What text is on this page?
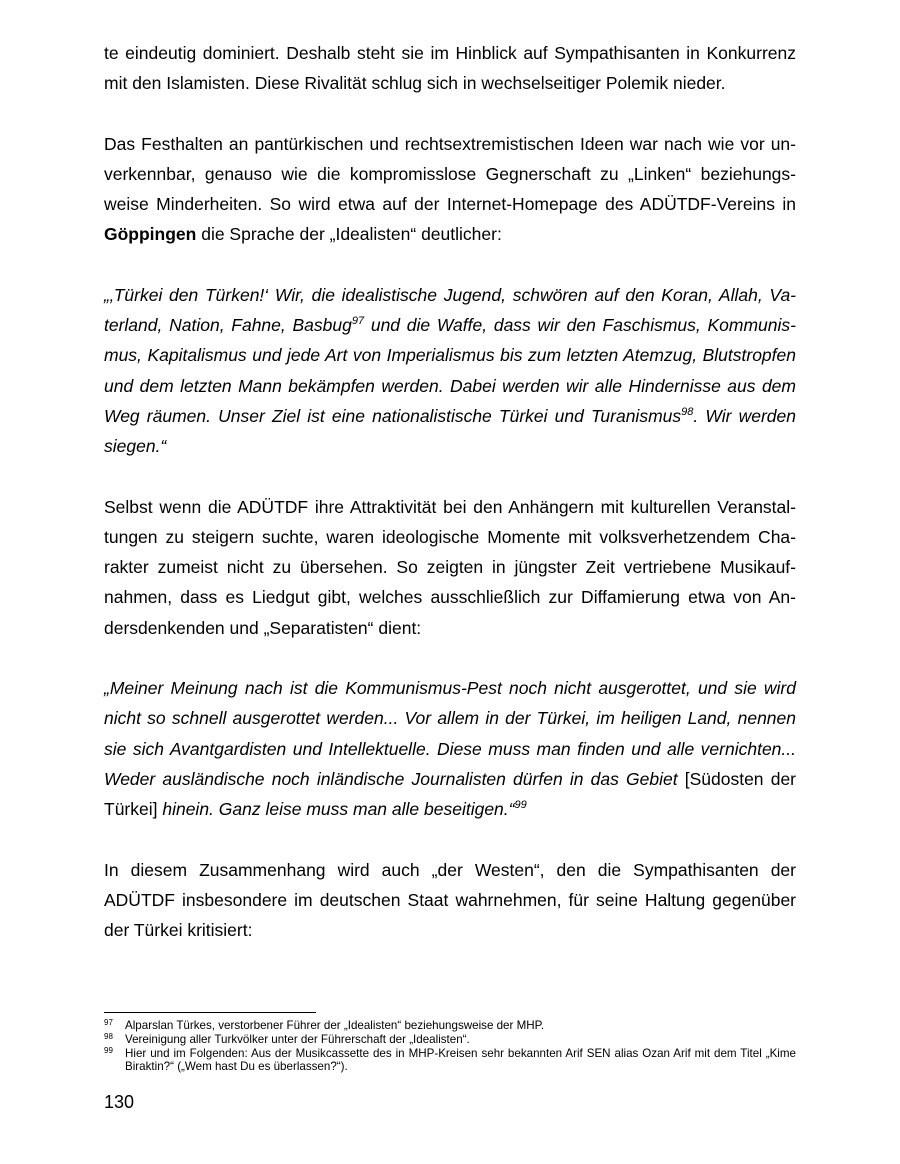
te eindeutig dominiert. Deshalb steht sie im Hinblick auf Sympathisanten in Konkurrenz mit den Islamisten. Diese Rivalität schlug sich in wechselseitiger Polemik nieder.

Das Festhalten an pantürkischen und rechtsextremistischen Ideen war nach wie vor unverkennbar, genauso wie die kompromisslose Gegnerschaft zu „Linken“ beziehungsweise Minderheiten. So wird etwa auf der Internet-Homepage des ADÜTDF-Vereins in Göppingen die Sprache der „Idealisten“ deutlicher:

„‚Türkei den Türken!‘ Wir, die idealistische Jugend, schwören auf den Koran, Allah, Vaterland, Nation, Fahne, Basbug$^{97}$ und die Waffe, dass wir den Faschismus, Kommunismus, Kapitalismus und jede Art von Imperialismus bis zum letzten Atemzug, Blutstropfen und dem letzten Mann bekämpfen werden. Dabei werden wir alle Hindernisse aus dem Weg räumen. Unser Ziel ist eine nationalistische Türkei und Turanismus$^{98}$. Wir werden siegen.“

Selbst wenn die ADÜTDF ihre Attraktivität bei den Anhängern mit kulturellen Veranstaltungen zu steigern suchte, waren ideologische Momente mit volksverhetzendem Charakter zumeist nicht zu übersehen. So zeigten in jüngster Zeit vertriebene Musikaufnahmen, dass es Liedgut gibt, welches ausschließlich zur Diffamierung etwa von Andersdenkenden und „Separatisten“ dient:

„Meiner Meinung nach ist die Kommunismus-Pest noch nicht ausgerottet, und sie wird nicht so schnell ausgerottet werden... Vor allem in der Türkei, im heiligen Land, nennen sie sich Avantgardisten und Intellektuelle. Diese muss man finden und alle vernichten... Weder ausländische noch inländische Journalisten dürfen in das Gebiet [Südosten der Türkei] hinein. Ganz leise muss man alle beseitigen.“$^{99}$

In diesem Zusammenhang wird auch „der Westen“, den die Sympathisanten der ADÜTDF insbesondere im deutschen Staat wahrnehmen, für seine Haltung gegenüber der Türkei kritisiert:

97 Alparslan Türkes, verstorbener Führer der „Idealisten“ beziehungsweise der MHP.
98 Vereinigung aller Turkvölker unter der Führerschaft der „Idealisten“.
99 Hier und im Folgenden: Aus der Musikcassette des in MHP-Kreisen sehr bekannten Arif SEN alias Ozan Arif mit dem Titel „Kime Biraktin?“ („Wem hast Du es überlassen?“).
130
